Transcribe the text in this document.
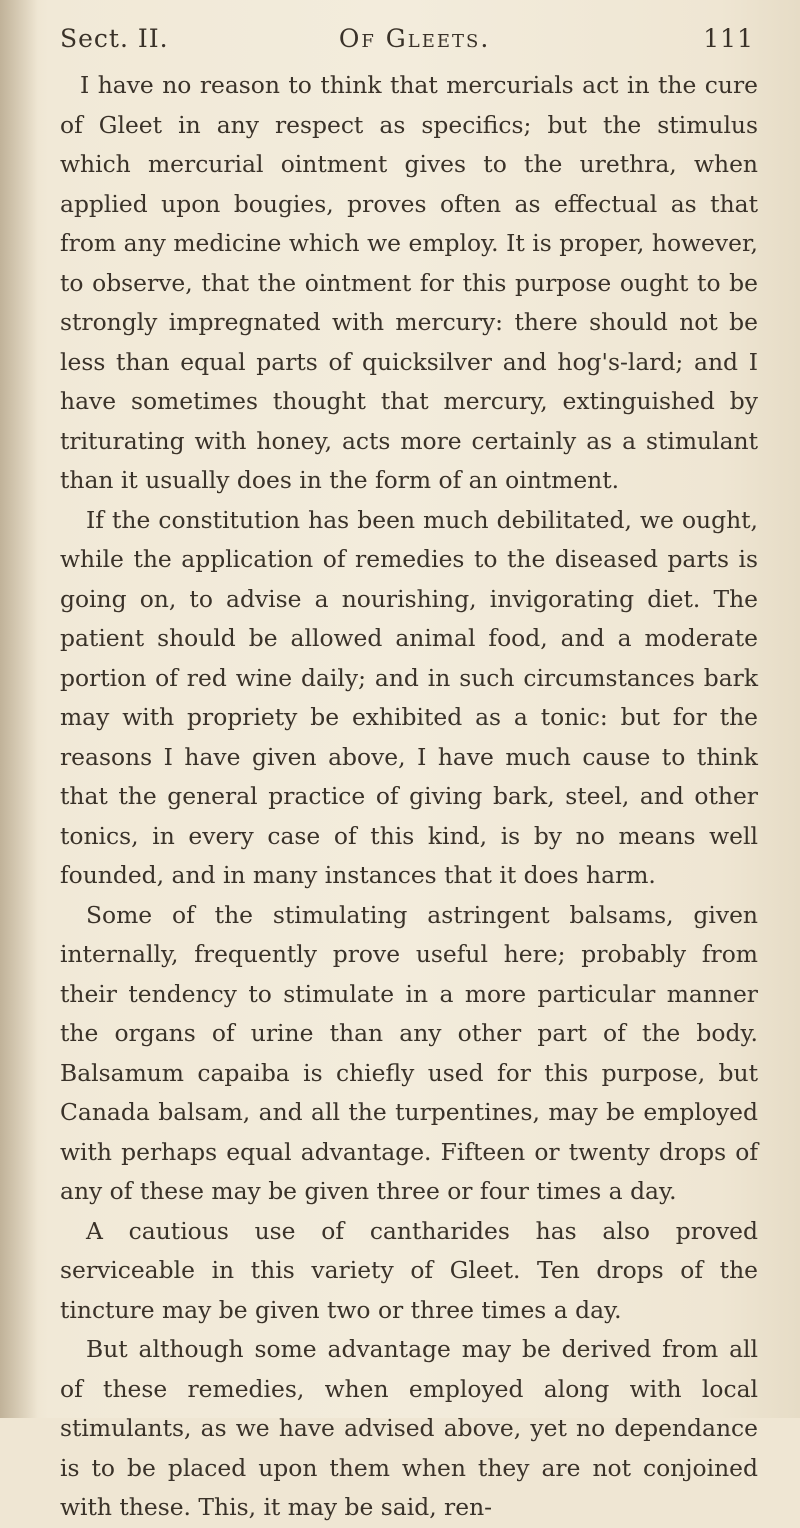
Sect. II.	Of Gleets.	111

I have no reason to think that mercurials act in the cure of Gleet in any respect as specifics; but the stimulus which mercurial ointment gives to the urethra, when applied upon bougies, proves often as effectual as that from any medicine which we employ. It is proper, however, to observe, that the ointment for this purpose ought to be strongly impregnated with mercury: there should not be less than equal parts of quicksilver and hog's-lard; and I have sometimes thought that mercury, extinguished by triturating with honey, acts more certainly as a stimulant than it usually does in the form of an ointment.

If the constitution has been much debilitated, we ought, while the application of remedies to the diseased parts is going on, to advise a nourishing, invigorating diet. The patient should be allowed animal food, and a moderate portion of red wine daily; and in such circumstances bark may with propriety be exhibited as a tonic: but for the reasons I have given above, I have much cause to think that the general practice of giving bark, steel, and other tonics, in every case of this kind, is by no means well founded, and in many instances that it does harm.

Some of the stimulating astringent balsams, given internally, frequently prove useful here; probably from their tendency to stimulate in a more particular manner the organs of urine than any other part of the body. Balsamum capaiba is chiefly used for this purpose, but Canada balsam, and all the turpentines, may be employed with perhaps equal advantage. Fifteen or twenty drops of any of these may be given three or four times a day.

A cautious use of cantharides has also proved serviceable in this variety of Gleet. Ten drops of the tincture may be given two or three times a day.

But although some advantage may be derived from all of these remedies, when employed along with local stimulants, as we have advised above, yet no dependance is to be placed upon them when they are not conjoined with these. This, it may be said, ren-
